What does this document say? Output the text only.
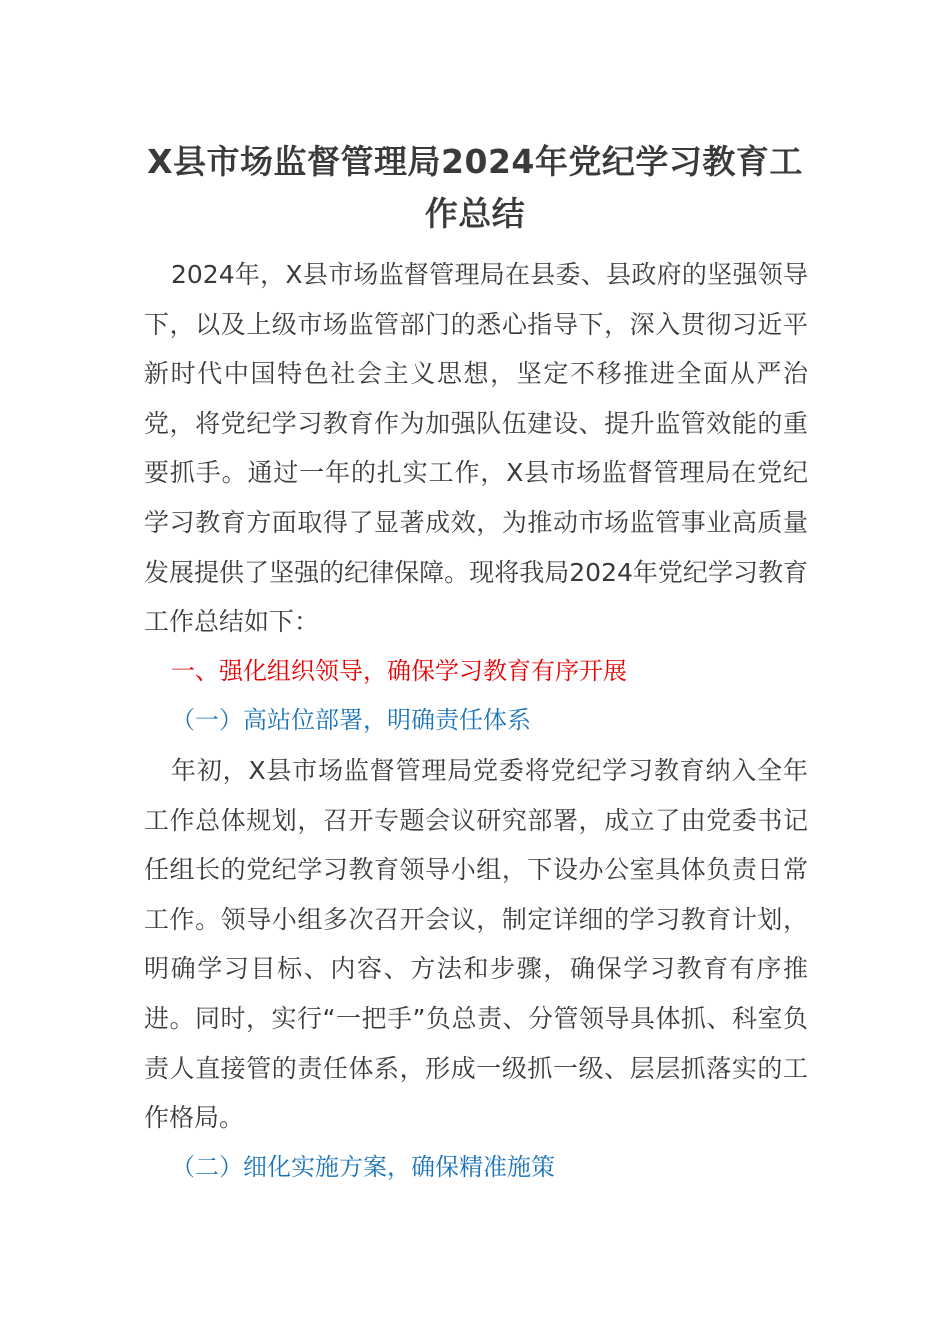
X县市场监督管理局2024年党纪学习教育工作总结

2024年，X县市场监督管理局在县委、县政府的坚强领导下，以及上级市场监管部门的悉心指导下，深入贯彻习近平新时代中国特色社会主义思想，坚定不移推进全面从严治党，将党纪学习教育作为加强队伍建设、提升监管效能的重要抓手。通过一年的扎实工作，X县市场监督管理局在党纪学习教育方面取得了显著成效，为推动市场监管事业高质量发展提供了坚强的纪律保障。现将我局2024年党纪学习教育工作总结如下：

一、强化组织领导，确保学习教育有序开展

（一）高站位部署，明确责任体系

年初，X县市场监督管理局党委将党纪学习教育纳入全年工作总体规划，召开专题会议研究部署，成立了由党委书记任组长的党纪学习教育领导小组，下设办公室具体负责日常工作。领导小组多次召开会议，制定详细的学习教育计划，明确学习目标、内容、方法和步骤，确保学习教育有序推进。同时，实行“一把手”负总责、分管领导具体抓、科室负责人直接管的责任体系，形成一级抓一级、层层抓落实的工作格局。

（二）细化实施方案，确保精准施策
